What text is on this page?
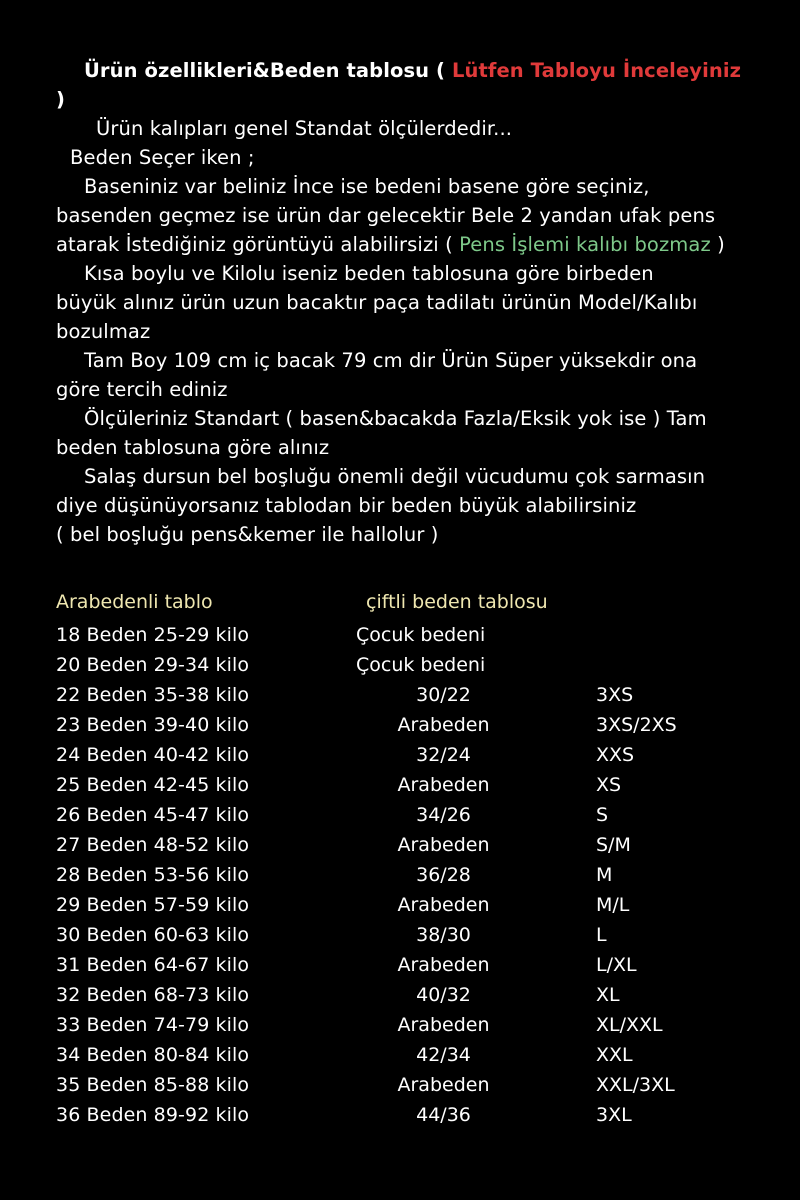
Ürün özellikleri&Beden tablosu ( Lütfen Tabloyu İnceleyiniz )

Ürün kalıpları genel Standat ölçülerdedir...

Beden Seçer iken ;

Baseniniz var beliniz İnce ise bedeni basene göre seçiniz,

basenden geçmez ise ürün dar gelecektir Bele 2 yandan ufak pens

atarak İstediğiniz görüntüyü alabilirsizi ( Pens İşlemi kalıbı bozmaz )

Kısa boylu ve Kilolu iseniz beden tablosuna göre birbeden

büyük alınız ürün uzun bacaktır paça tadilatı ürünün Model/Kalıbı

bozulmaz

Tam Boy 109 cm iç bacak 79 cm dir Ürün Süper yüksekdir ona

göre tercih ediniz

Ölçüleriniz Standart ( basen&bacakda Fazla/Eksik yok ise ) Tam

beden tablosuna göre alınız

Salaş dursun bel boşluğu önemli değil vücudumu çok sarmasın

diye düşünüyorsanız tablodan bir beden büyük alabilirsiniz

( bel boşluğu pens&kemer ile hallolur )

Arabedenli tablo	çiftli beden tablosu	
18 Beden 25-29 kilo	Çocuk bedeni	
20 Beden 29-34 kilo	Çocuk bedeni	
22 Beden 35-38 kilo	30/22	3XS
23 Beden 39-40 kilo	Arabeden	3XS/2XS
24 Beden 40-42 kilo	32/24	XXS
25 Beden 42-45 kilo	Arabeden	XS
26 Beden 45-47 kilo	34/26	S
27 Beden 48-52 kilo	Arabeden	S/M
28 Beden 53-56 kilo	36/28	M
29 Beden 57-59 kilo	Arabeden	M/L
30 Beden 60-63 kilo	38/30	L
31 Beden 64-67 kilo	Arabeden	L/XL
32 Beden 68-73 kilo	40/32	XL
33 Beden 74-79 kilo	Arabeden	XL/XXL
34 Beden 80-84 kilo	42/34	XXL
35 Beden 85-88 kilo	Arabeden	XXL/3XL
36 Beden 89-92 kilo	44/36	3XL
